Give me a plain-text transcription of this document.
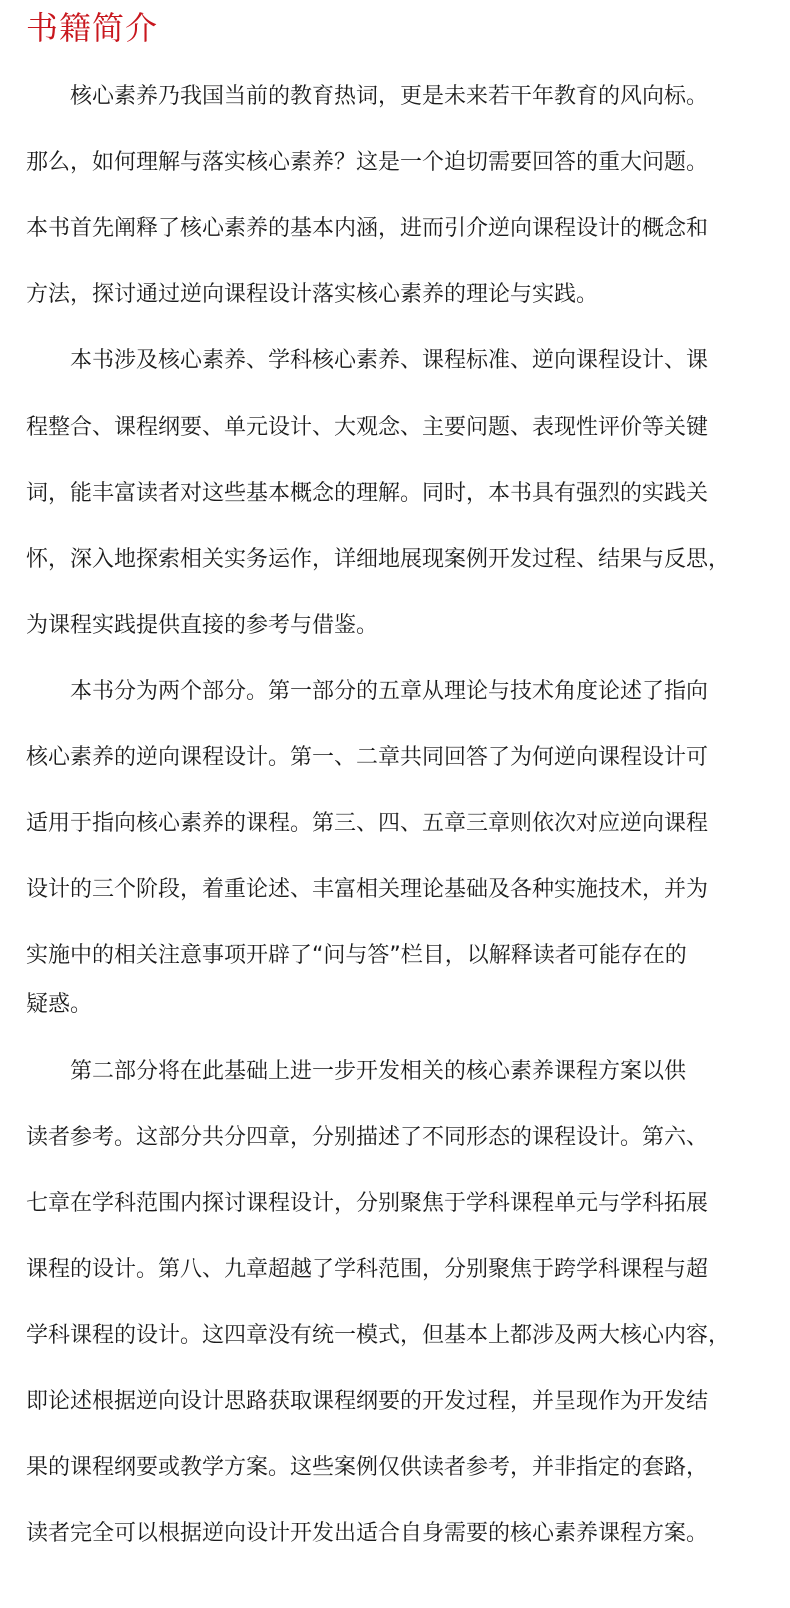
书籍简介
核心素养乃我国当前的教育热词，更是未来若干年教育的风向标。
那么，如何理解与落实核心素养？这是一个迫切需要回答的重大问题。
本书首先阐释了核心素养的基本内涵，进而引介逆向课程设计的概念和
方法，探讨通过逆向课程设计落实核心素养的理论与实践。
本书涉及核心素养、学科核心素养、课程标准、逆向课程设计、课
程整合、课程纲要、单元设计、大观念、主要问题、表现性评价等关键
词，能丰富读者对这些基本概念的理解。同时，本书具有强烈的实践关
怀，深入地探索相关实务运作，详细地展现案例开发过程、结果与反思，
为课程实践提供直接的参考与借鉴。
本书分为两个部分。第一部分的五章从理论与技术角度论述了指向
核心素养的逆向课程设计。第一、二章共同回答了为何逆向课程设计可
适用于指向核心素养的课程。第三、四、五章三章则依次对应逆向课程
设计的三个阶段，着重论述、丰富相关理论基础及各种实施技术，并为
实施中的相关注意事项开辟了“问与答”栏目，以解释读者可能存在的
疑惑。
第二部分将在此基础上进一步开发相关的核心素养课程方案以供
读者参考。这部分共分四章，分别描述了不同形态的课程设计。第六、
七章在学科范围内探讨课程设计，分别聚焦于学科课程单元与学科拓展
课程的设计。第八、九章超越了学科范围，分别聚焦于跨学科课程与超
学科课程的设计。这四章没有统一模式，但基本上都涉及两大核心内容，
即论述根据逆向设计思路获取课程纲要的开发过程，并呈现作为开发结
果的课程纲要或教学方案。这些案例仅供读者参考，并非指定的套路，
读者完全可以根据逆向设计开发出适合自身需要的核心素养课程方案。
